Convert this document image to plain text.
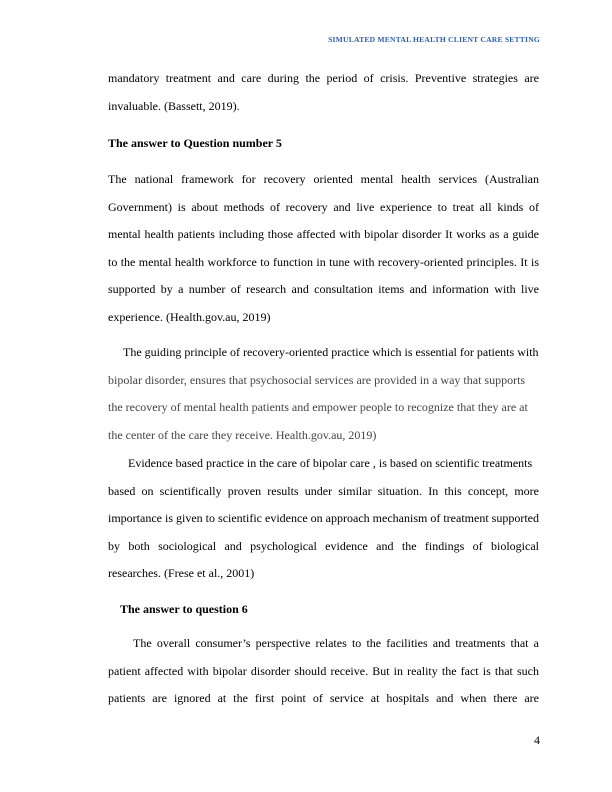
SIMULATED MENTAL HEALTH CLIENT CARE SETTING
mandatory treatment and care during the period of crisis. Preventive strategies are
invaluable. (Bassett, 2019).
The answer to Question number 5
The national framework for recovery oriented mental health services (Australian
Government) is about methods of recovery and live experience to treat all kinds of
mental health patients including those affected with bipolar disorder It works as a guide
to the mental health workforce to function in tune with recovery-oriented principles. It is
supported by a number of research and consultation items and information with live
experience. (Health.gov.au, 2019)
The guiding principle of recovery-oriented practice which is essential for patients with
bipolar disorder, ensures that psychosocial services are provided in a way that supports
the recovery of mental health patients and empower people to recognize that they are at
the center of the care they receive. Health.gov.au, 2019)
Evidence based practice in the care of bipolar care , is based on scientific treatments
based on scientifically proven results under similar situation. In this concept, more
importance is given to scientific evidence on approach mechanism of treatment supported
by both sociological and psychological evidence and the findings of biological
researches. (Frese et al., 2001)
The answer to question 6
The overall consumer’s perspective relates to the facilities and treatments that a
patient affected with bipolar disorder should receive. But in reality the fact is that such
patients are ignored at the first point of service at hospitals and when there are
4
